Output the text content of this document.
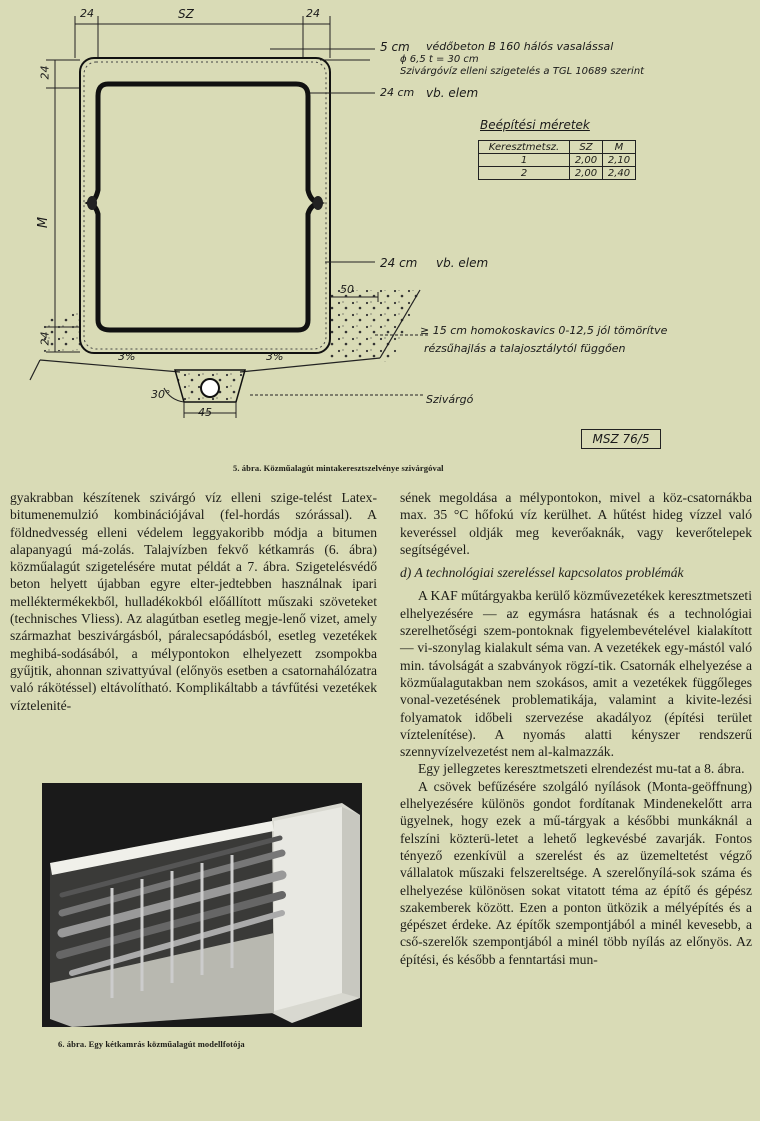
24	SZ	24
24
M
24
50
3%	3%
30°
45
5 cm védőbeton B 160 hálós vasalással
ϕ 6,5 t = 30 cm
Szivárgóvíz elleni szigetelés a TGL 10689 szerint
24 cm vb. elem
24 cm vb. elem
≥ 15 cm homokoskavics 0-12,5 jól tömörítve
rézsűhajlás a talajosztálytól függően
Szivárgó
Beépítési méretek
Keresztmetsz.	SZ	M
1	2,00	2,10
2	2,00	2,40
MSZ 76/5
5. ábra. Közműalagút mintakeresztszelvénye szivárgóval

gyakrabban készítenek szivárgó víz elleni szige-telést Latex-bitumenemulzió kombinációjával (fel-hordás szórással). A földnedvesség elleni védelem leggyakoribb módja a bitumen alapanyagú má-zolás. Talajvízben fekvő kétkamrás (6. ábra) közműalagút szigetelésére mutat példát a 7. ábra. Szigetelésvédő beton helyett újabban egyre elter-jedtebben használnak ipari melléktermékekből, hulladékokból előállított műszaki szöveteket (technisches Vliess). Az alagútban esetleg megje-lenő vizet, amely származhat beszivárgásból, páralecsapódásból, esetleg vezetékek meghibá-sodásából, a mélypontokon elhelyezett zsompokba gyűjtik, ahonnan szivattyúval (előnyös esetben a csatornahálózatra való rákötéssel) eltávolítható. Komplikáltabb a távfűtési vezetékek víztelenité-

6. ábra. Egy kétkamrás közműalagút modellfotója

sének megoldása a mélypontokon, mivel a köz-csatornákba max. 35 °C hőfokú víz kerülhet. A hűtést hideg vízzel való keveréssel oldják meg keverőaknák, vagy keverőtelepek segítségével.

d) A technológiai szereléssel kapcsolatos problémák

A KAF műtárgyakba kerülő közművezetékek keresztmetszeti elhelyezésére — az egymásra hatásnak és a technológiai szerelhetőségi szem-pontoknak figyelembevételével kialakított — vi-szonylag kialakult séma van. A vezetékek egy-mástól való min. távolságát a szabványok rögzí-tik. Csatornák elhelyezése a közműalagutakban nem szokásos, amit a vezetékek függőleges vonal-vezetésének problematikája, valamint a kivite-lezési folyamatok időbeli szervezése akadályoz (építési terület víztelenítése). A nyomás alatti kényszer rendszerű szennyvízelvezetést nem al-kalmazzák.

Egy jellegzetes keresztmetszeti elrendezést mu-tat a 8. ábra.

A csövek befűzésére szolgáló nyílások (Monta-geöffnung) elhelyezésére különös gondot fordítanak Mindenekelőtt arra ügyelnek, hogy ezek a mű-tárgyak a későbbi munkáknál a felszíni közterü-letet a lehető legkevésbé zavarják. Fontos tényező ezenkívül a szerelést és az üzemeltetést végző vállalatok műszaki felszereltsége. A szerelőnyílá-sok száma és elhelyezése különösen sokat vitatott téma az építő és gépész szakemberek között. Ezen a ponton ütközik a mélyépítés és a gépészet érdeke. Az építők szempontjából a minél kevesebb, a cső-szerelők szempontjából a minél több nyílás az előnyös. Az építési, és később a fenntartási mun-
